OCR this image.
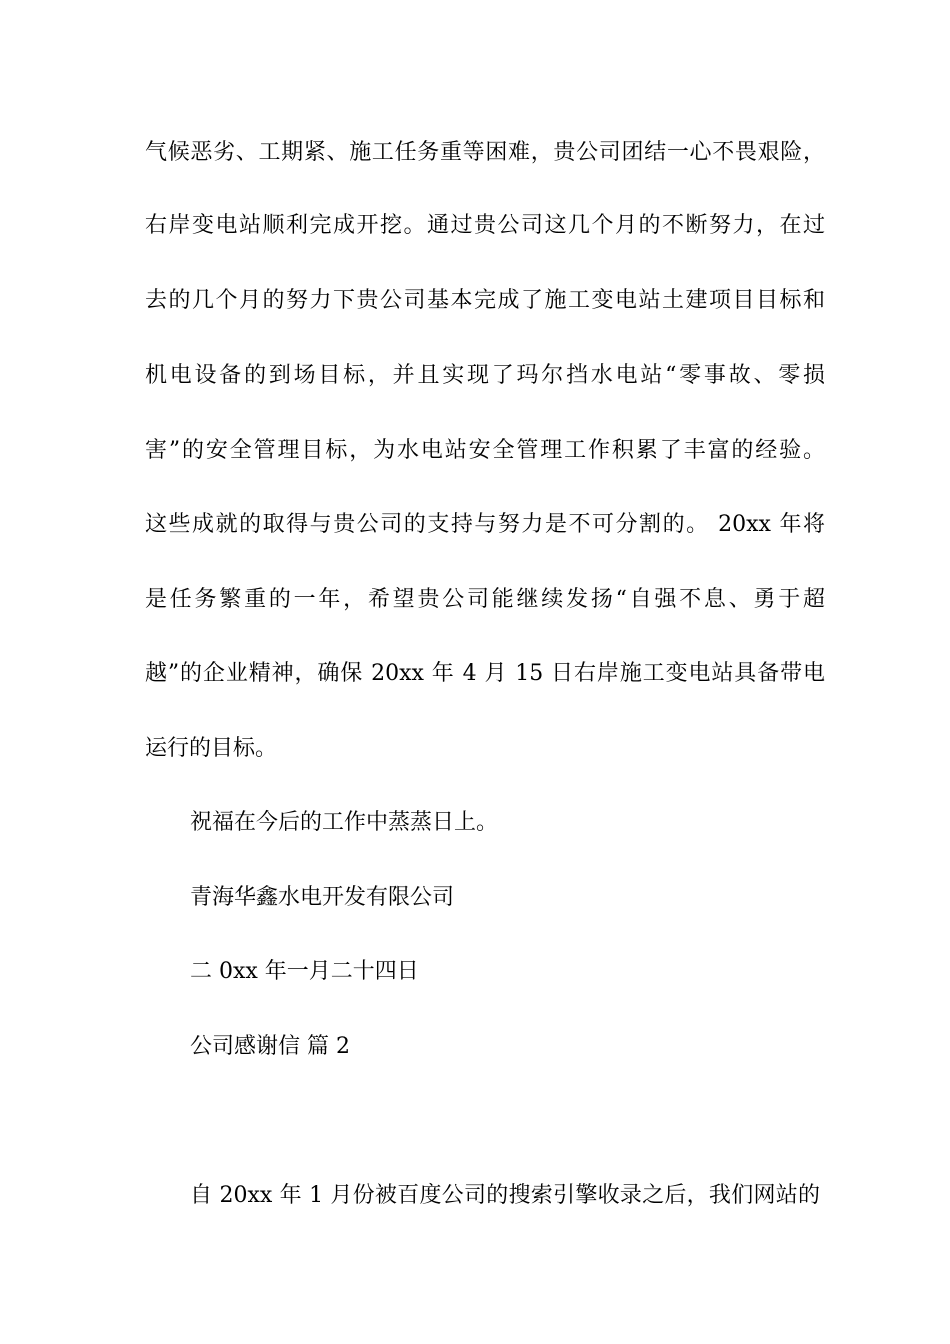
气候恶劣、工期紧、施工任务重等困难，贵公司团结一心不畏艰险，
右岸变电站顺利完成开挖。通过贵公司这几个月的不断努力，在过
去的几个月的努力下贵公司基本完成了施工变电站土建项目目标和
机电设备的到场目标，并且实现了玛尔挡水电站“零事故、零损
害”的安全管理目标，为水电站安全管理工作积累了丰富的经验。
这些成就的取得与贵公司的支持与努力是不可分割的。 20xx 年将
是任务繁重的一年，希望贵公司能继续发扬“自强不息、勇于超
越”的企业精神，确保 20xx 年 4 月 15 日右岸施工变电站具备带电
运行的目标。
祝福在今后的工作中蒸蒸日上。
青海华鑫水电开发有限公司
二 0xx 年一月二十四日
公司感谢信 篇 2
自 20xx 年 1 月份被百度公司的搜索引擎收录之后，我们网站的
